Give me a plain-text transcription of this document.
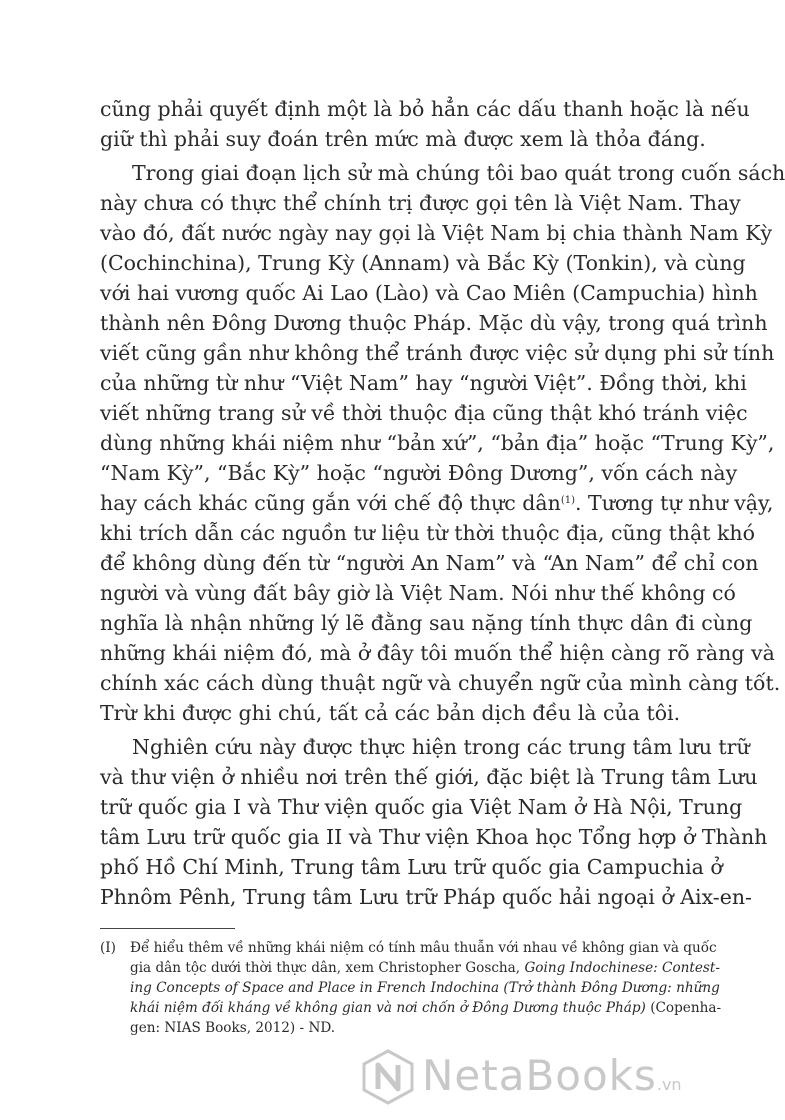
cũng phải quyết định một là bỏ hẳn các dấu thanh hoặc là nếu
giữ thì phải suy đoán trên mức mà được xem là thỏa đáng.
Trong giai đoạn lịch sử mà chúng tôi bao quát trong cuốn sách
này chưa có thực thể chính trị được gọi tên là Việt Nam. Thay
vào đó, đất nước ngày nay gọi là Việt Nam bị chia thành Nam Kỳ
(Cochinchina), Trung Kỳ (Annam) và Bắc Kỳ (Tonkin), và cùng
với hai vương quốc Ai Lao (Lào) và Cao Miên (Campuchia) hình
thành nên Đông Dương thuộc Pháp. Mặc dù vậy, trong quá trình
viết cũng gần như không thể tránh được việc sử dụng phi sử tính
của những từ như “Việt Nam” hay “người Việt”. Đồng thời, khi
viết những trang sử về thời thuộc địa cũng thật khó tránh việc
dùng những khái niệm như “bản xứ”, “bản địa” hoặc “Trung Kỳ”,
“Nam Kỳ”, “Bắc Kỳ” hoặc “người Đông Dương”, vốn cách này
hay cách khác cũng gắn với chế độ thực dân$^{(1)}$. Tương tự như vậy,
khi trích dẫn các nguồn tư liệu từ thời thuộc địa, cũng thật khó
để không dùng đến từ “người An Nam” và “An Nam” để chỉ con
người và vùng đất bây giờ là Việt Nam. Nói như thế không có
nghĩa là nhận những lý lẽ đằng sau nặng tính thực dân đi cùng
những khái niệm đó, mà ở đây tôi muốn thể hiện càng rõ ràng và
chính xác cách dùng thuật ngữ và chuyển ngữ của mình càng tốt.
Trừ khi được ghi chú, tất cả các bản dịch đều là của tôi.
Nghiên cứu này được thực hiện trong các trung tâm lưu trữ
và thư viện ở nhiều nơi trên thế giới, đặc biệt là Trung tâm Lưu
trữ quốc gia I và Thư viện quốc gia Việt Nam ở Hà Nội, Trung
tâm Lưu trữ quốc gia II và Thư viện Khoa học Tổng hợp ở Thành
phố Hồ Chí Minh, Trung tâm Lưu trữ quốc gia Campuchia ở
Phnôm Pênh, Trung tâm Lưu trữ Pháp quốc hải ngoại ở Aix-en-
(I) Để hiểu thêm về những khái niệm có tính mâu thuẫn với nhau về không gian và quốc
gia dân tộc dưới thời thực dân, xem Christopher Goscha, Going Indochinese: Contest-
ing Concepts of Space and Place in French Indochina (Trở thành Đông Dương: những
khái niệm đối kháng về không gian và nơi chốn ở Đông Dương thuộc Pháp) (Copenha-
gen: NIAS Books, 2012) - ND.
NetaBooks.vn
